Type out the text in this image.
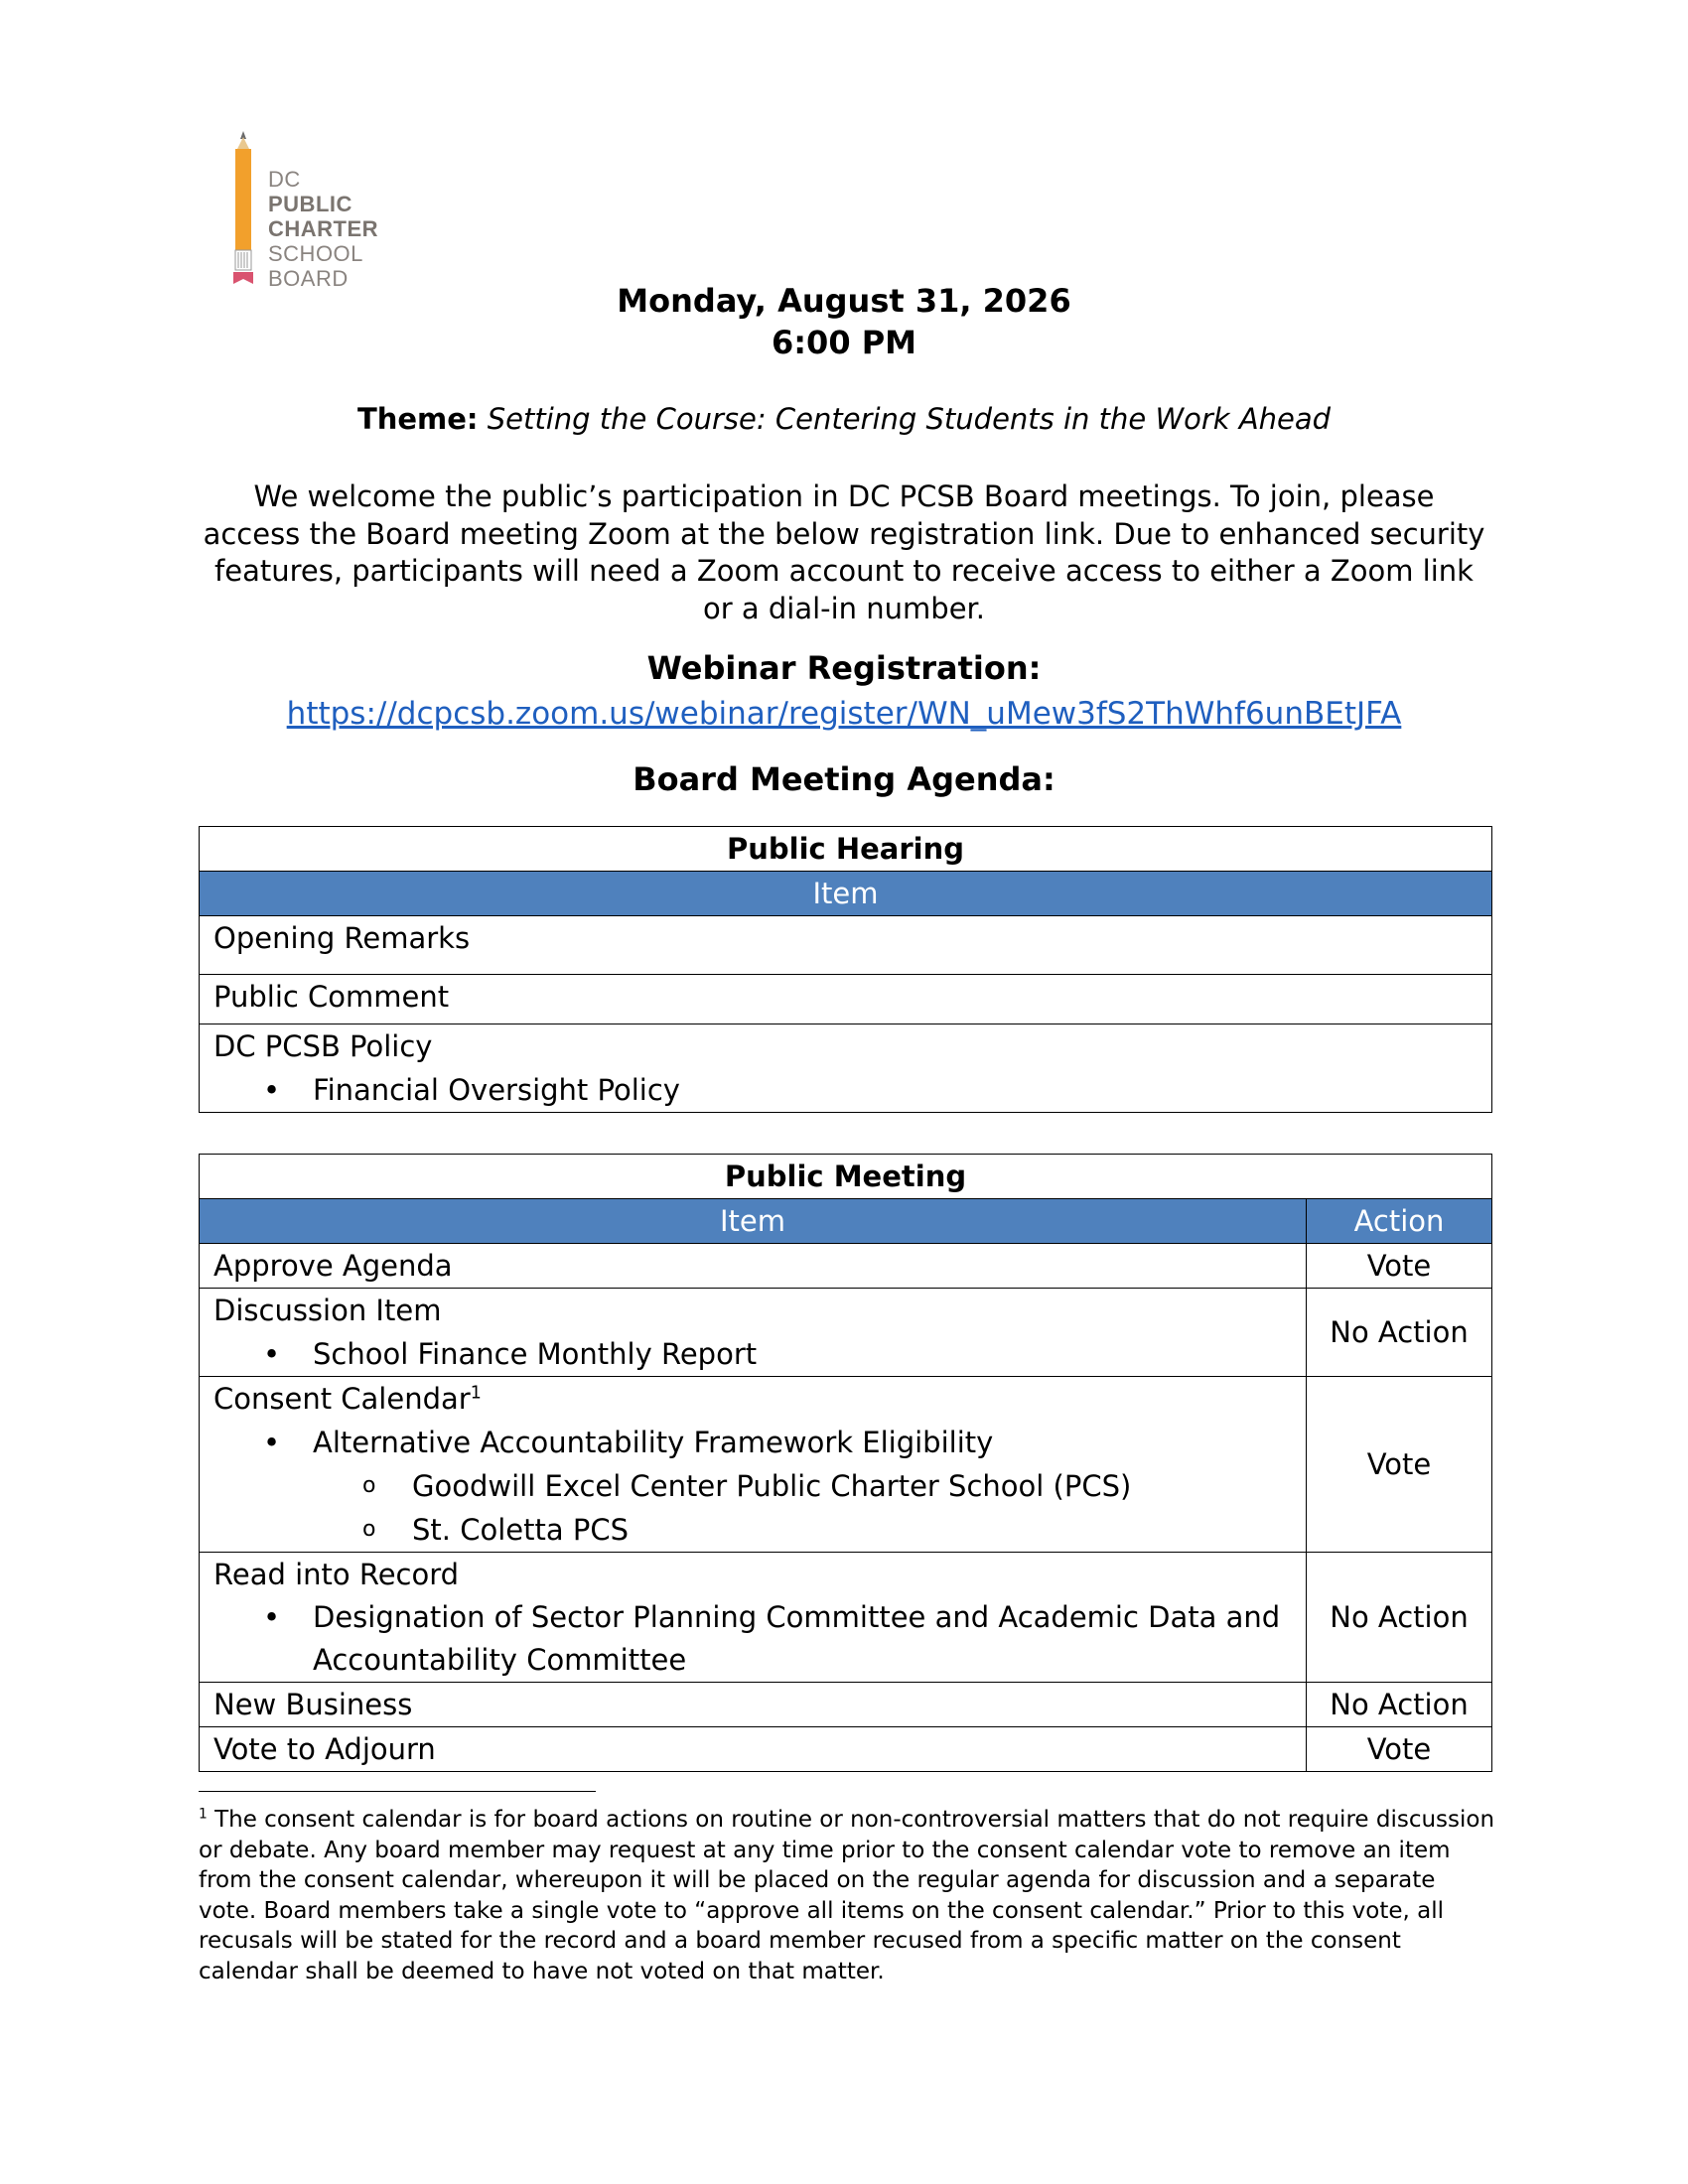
DC
PUBLIC
CHARTER
SCHOOL
BOARD
Monday, August 31, 2026
6:00 PM
Theme: Setting the Course: Centering Students in the Work Ahead
We welcome the public’s participation in DC PCSB Board meetings. To join, please access the Board meeting Zoom at the below registration link. Due to enhanced security features, participants will need a Zoom account to receive access to either a Zoom link or a dial-in number.
Webinar Registration:
https://dcpcsb.zoom.us/webinar/register/WN_uMew3fS2ThWhf6unBEtJFA
Board Meeting Agenda:
Public Hearing
Item

Opening Remarks

Public Comment

DC PCSB Policy
• Financial Oversight Policy
Public Meeting	
Item	Action

Approve Agenda	Vote

Discussion Item
• School Finance Monthly Report	No Action

Consent Calendar$^1$
• Alternative Accountability Framework Eligibility
o Goodwill Excel Center Public Charter School (PCS)
o St. Coletta PCS	Vote

Read into Record
• Designation of Sector Planning Committee and Academic Data and Accountability Committee	No Action

New Business	No Action

Vote to Adjourn	Vote
$^1$ The consent calendar is for board actions on routine or non-controversial matters that do not require discussion or debate. Any board member may request at any time prior to the consent calendar vote to remove an item from the consent calendar, whereupon it will be placed on the regular agenda for discussion and a separate vote. Board members take a single vote to “approve all items on the consent calendar.” Prior to this vote, all recusals will be stated for the record and a board member recused from a specific matter on the consent calendar shall be deemed to have not voted on that matter.
